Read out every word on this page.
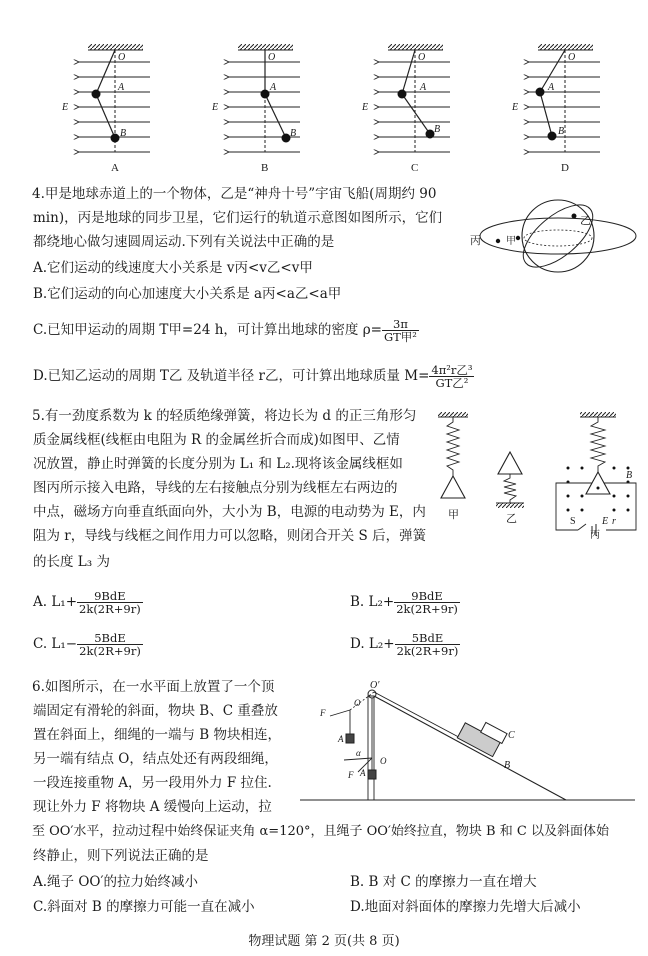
O
A
B
E
A
O
A
B
E
B
O
A
B
E
C
O
A
B
E
D
4.甲是地球赤道上的一个物体，乙是“神舟十号”宇宙飞船(周期约 90
min)，丙是地球的同步卫星，它们运行的轨道示意图如图所示，它们
都绕地心做匀速圆周运动.下列有关说法中正确的是
A.它们运动的线速度大小关系是 v丙<v乙<v甲
B.它们运动的向心加速度大小关系是 a丙<a乙<a甲
C.已知甲运动的周期 T甲=24 h，可计算出地球的密度 $\rho= \frac{3\pi}{\text{GT甲²}}$
D.已知乙运动的周期 T乙 及轨道半径 r乙，可计算出地球质量 $M= \frac{\text{4π²r乙³}}{\text{GT乙²}}$
乙
甲
丙
5.有一劲度系数为 k 的轻质绝缘弹簧，将边长为 d 的正三角形匀
质金属线框(线框由电阻为 R 的金属丝折合而成)如图甲、乙情
况放置，静止时弹簧的长度分别为 L₁ 和 L₂.现将该金属线框如
图丙所示接入电路，导线的左右接触点分别为线框左右两边的
中点，磁场方向垂直纸面向外，大小为 B，电源的电动势为 E，内
阻为 r，导线与线框之间作用力可以忽略，则闭合开关 S 后，弹簧
的长度 L₃ 为
A. $L_1+ \frac{\text{9BdE}}{2k(2R+9r)}$	B. $L_2+ \frac{\text{9BdE}}{2k(2R+9r)}$
C. $L_1- \frac{\text{5BdE}}{2k(2R+9r)}$	D. $L_2+ \frac{\text{5BdE}}{2k(2R+9r)}$
甲	乙
B
S	E r
丙
6.如图所示，在一水平面上放置了一个顶
端固定有滑轮的斜面，物块 B、C 重叠放
置在斜面上，细绳的一端与 B 物块相连，
另一端有结点 O，结点处还有两段细绳，
一段连接重物 A，另一段用外力 F 拉住.
现让外力 F 将物块 A 缓慢向上运动，拉
至 OO′水平，拉动过程中始终保证夹角 α=120°，且绳子 OO′始终拉直，物块 B 和 C 以及斜面体始
终静止，则下列说法正确的是
A.绳子 OO′的拉力始终减小	B. B 对 C 的摩擦力一直在增大
C.斜面对 B 的摩擦力可能一直在减小	D.地面对斜面体的摩擦力先增大后减小
O′
O
F
A
O
F A
α
B
C
物理试题 第 2 页(共 8 页)
